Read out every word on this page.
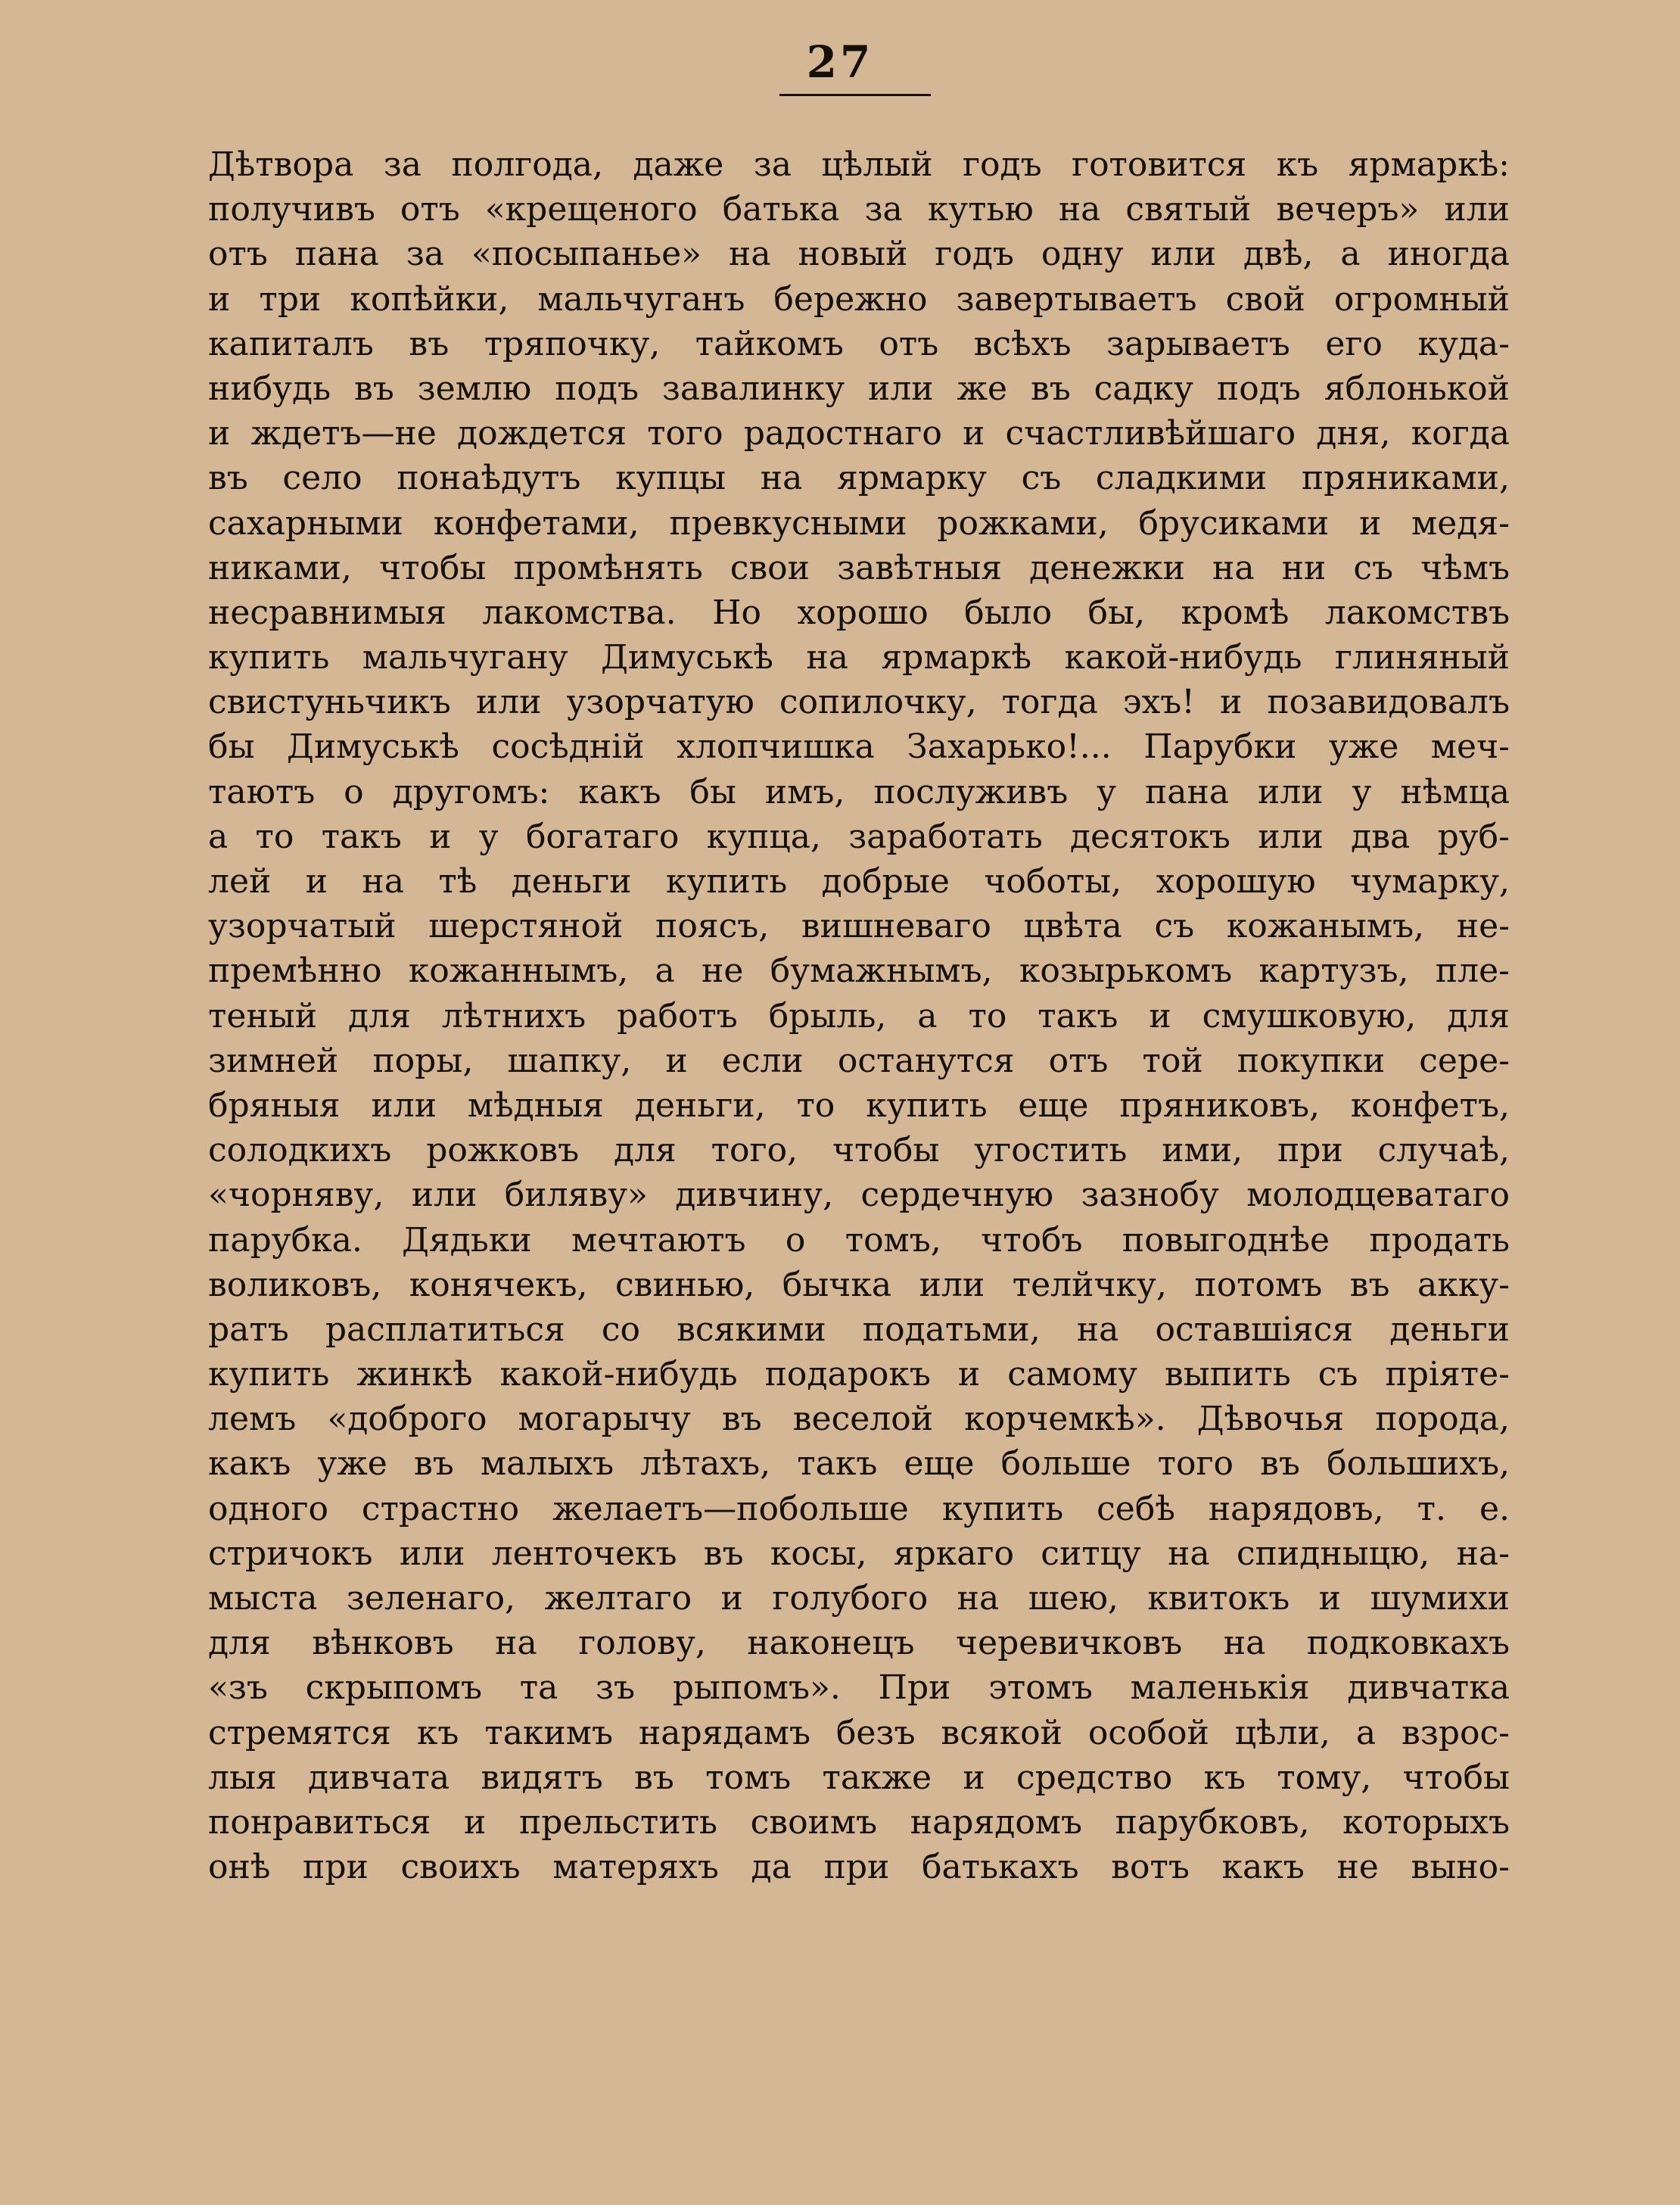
27
Дѣтвора за полгода, даже за цѣлый годъ готовится къ ярмаркѣ:
получивъ отъ «крещеного батька за кутью на святый вечеръ» или
отъ пана за «посыпанье» на новый годъ одну или двѣ, а иногда
и три копѣйки, мальчуганъ бережно завертываетъ свой огромный
капиталъ въ тряпочку, тайкомъ отъ всѣхъ зарываетъ его куда-
нибудь въ землю подъ завалинку или же въ садку подъ яблонькой
и ждетъ—не дождется того радостнаго и счастливѣйшаго дня, когда
въ село понаѣдутъ купцы на ярмарку съ сладкими пряниками,
сахарными конфетами, превкусными рожками, брусиками и медя-
никами, чтобы промѣнять свои завѣтныя денежки на ни съ чѣмъ
несравнимыя лакомства. Но хорошо было бы, кромѣ лакомствъ
купить мальчугану Димуськѣ на ярмаркѣ какой-нибудь глиняный
свистуньчикъ или узорчатую сопилочку, тогда эхъ! и позавидовалъ
бы Димуськѣ сосѣдній хлопчишка Захарько!... Парубки уже меч-
таютъ о другомъ: какъ бы имъ, послуживъ у пана или у нѣмца
а то такъ и у богатаго купца, заработать десятокъ или два руб-
лей и на тѣ деньги купить добрые чоботы, хорошую чумарку,
узорчатый шерстяной поясъ, вишневаго цвѣта съ кожанымъ, не-
премѣнно кожаннымъ, а не бумажнымъ, козырькомъ картузъ, пле-
теный для лѣтнихъ работъ брыль, а то такъ и смушковую, для
зимней поры, шапку, и если останутся отъ той покупки сере-
бряныя или мѣдныя деньги, то купить еще пряниковъ, конфетъ,
солодкихъ рожковъ для того, чтобы угостить ими, при случаѣ,
«чорняву, или биляву» дивчину, сердечную зазнобу молодцеватаго
парубка. Дядьки мечтаютъ о томъ, чтобъ повыгоднѣе продать
воликовъ, конячекъ, свинью, бычка или телйчку, потомъ въ акку-
ратъ расплатиться со всякими податьми, на оставшіяся деньги
купить жинкѣ какой-нибудь подарокъ и самому выпить съ пріяте-
лемъ «доброго могарычу въ веселой корчемкѣ». Дѣвочья порода,
какъ уже въ малыхъ лѣтахъ, такъ еще больше того въ большихъ,
одного страстно желаетъ—побольше купить себѣ нарядовъ, т. е.
стричокъ или ленточекъ въ косы, яркаго ситцу на спидныцю, на-
мыста зеленаго, желтаго и голубого на шею, квитокъ и шумихи
для вѣнковъ на голову, наконецъ черевичковъ на подковкахъ
«зъ скрыпомъ та зъ рыпомъ». При этомъ маленькія дивчатка
стремятся къ такимъ нарядамъ безъ всякой особой цѣли, а взрос-
лыя дивчата видятъ въ томъ также и средство къ тому, чтобы
понравиться и прельстить своимъ нарядомъ парубковъ, которыхъ
онѣ при своихъ матеряхъ да при батькахъ вотъ какъ не выно-
